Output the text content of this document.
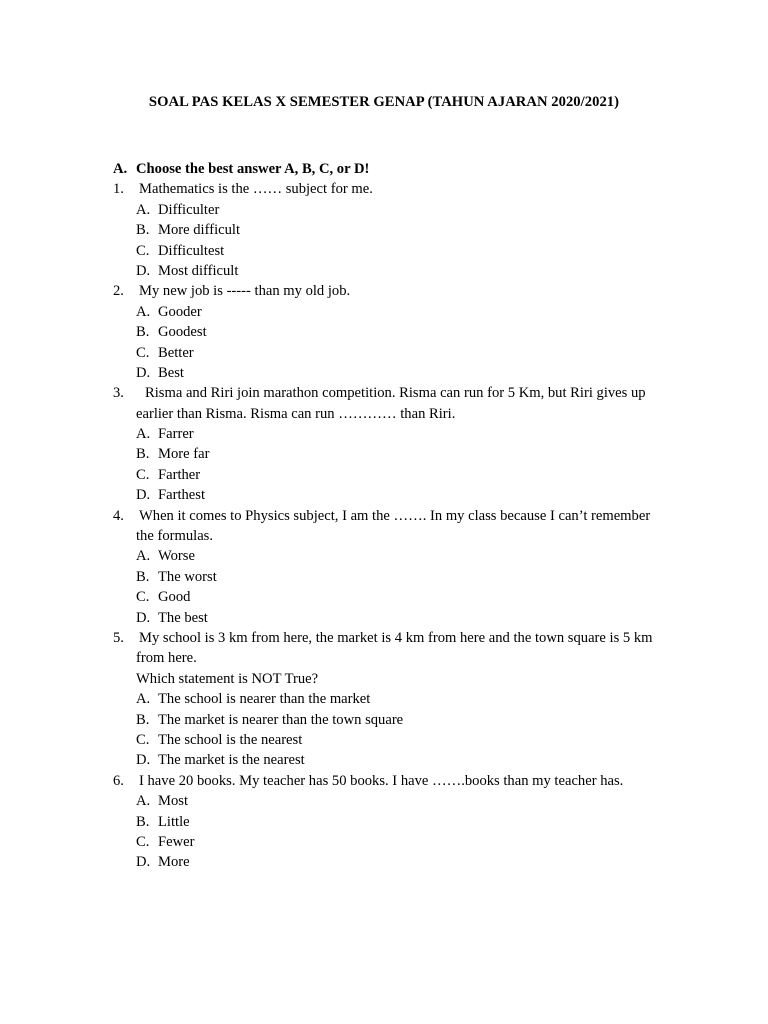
SOAL PAS KELAS X SEMESTER GENAP (TAHUN AJARAN 2020/2021)
A. Choose the best answer A, B, C, or D!
1.	Mathematics is the …… subject for me.
A. Difficulter
B. More difficult
C. Difficultest
D. Most difficult
2.	My new job is ----- than my old job.
A. Gooder
B. Goodest
C. Better
D. Best
3.	Risma and Riri join marathon competition. Risma can run for 5 Km, but Riri gives up
earlier than Risma. Risma can run ………… than Riri.
A. Farrer
B. More far
C. Farther
D. Farthest
4.	When it comes to Physics subject, I am the ……. In my class because I can’t remember
the formulas.
A. Worse
B. The worst
C. Good
D. The best
5.	My school is 3 km from here, the market is 4 km from here and the town square is 5 km
from here.
Which statement is NOT True?
A. The school is nearer than the market
B. The market is nearer than the town square
C. The school is the nearest
D. The market is the nearest
6.	I have 20 books. My teacher has 50 books. I have …….books than my teacher has.
A. Most
B. Little
C. Fewer
D. More
